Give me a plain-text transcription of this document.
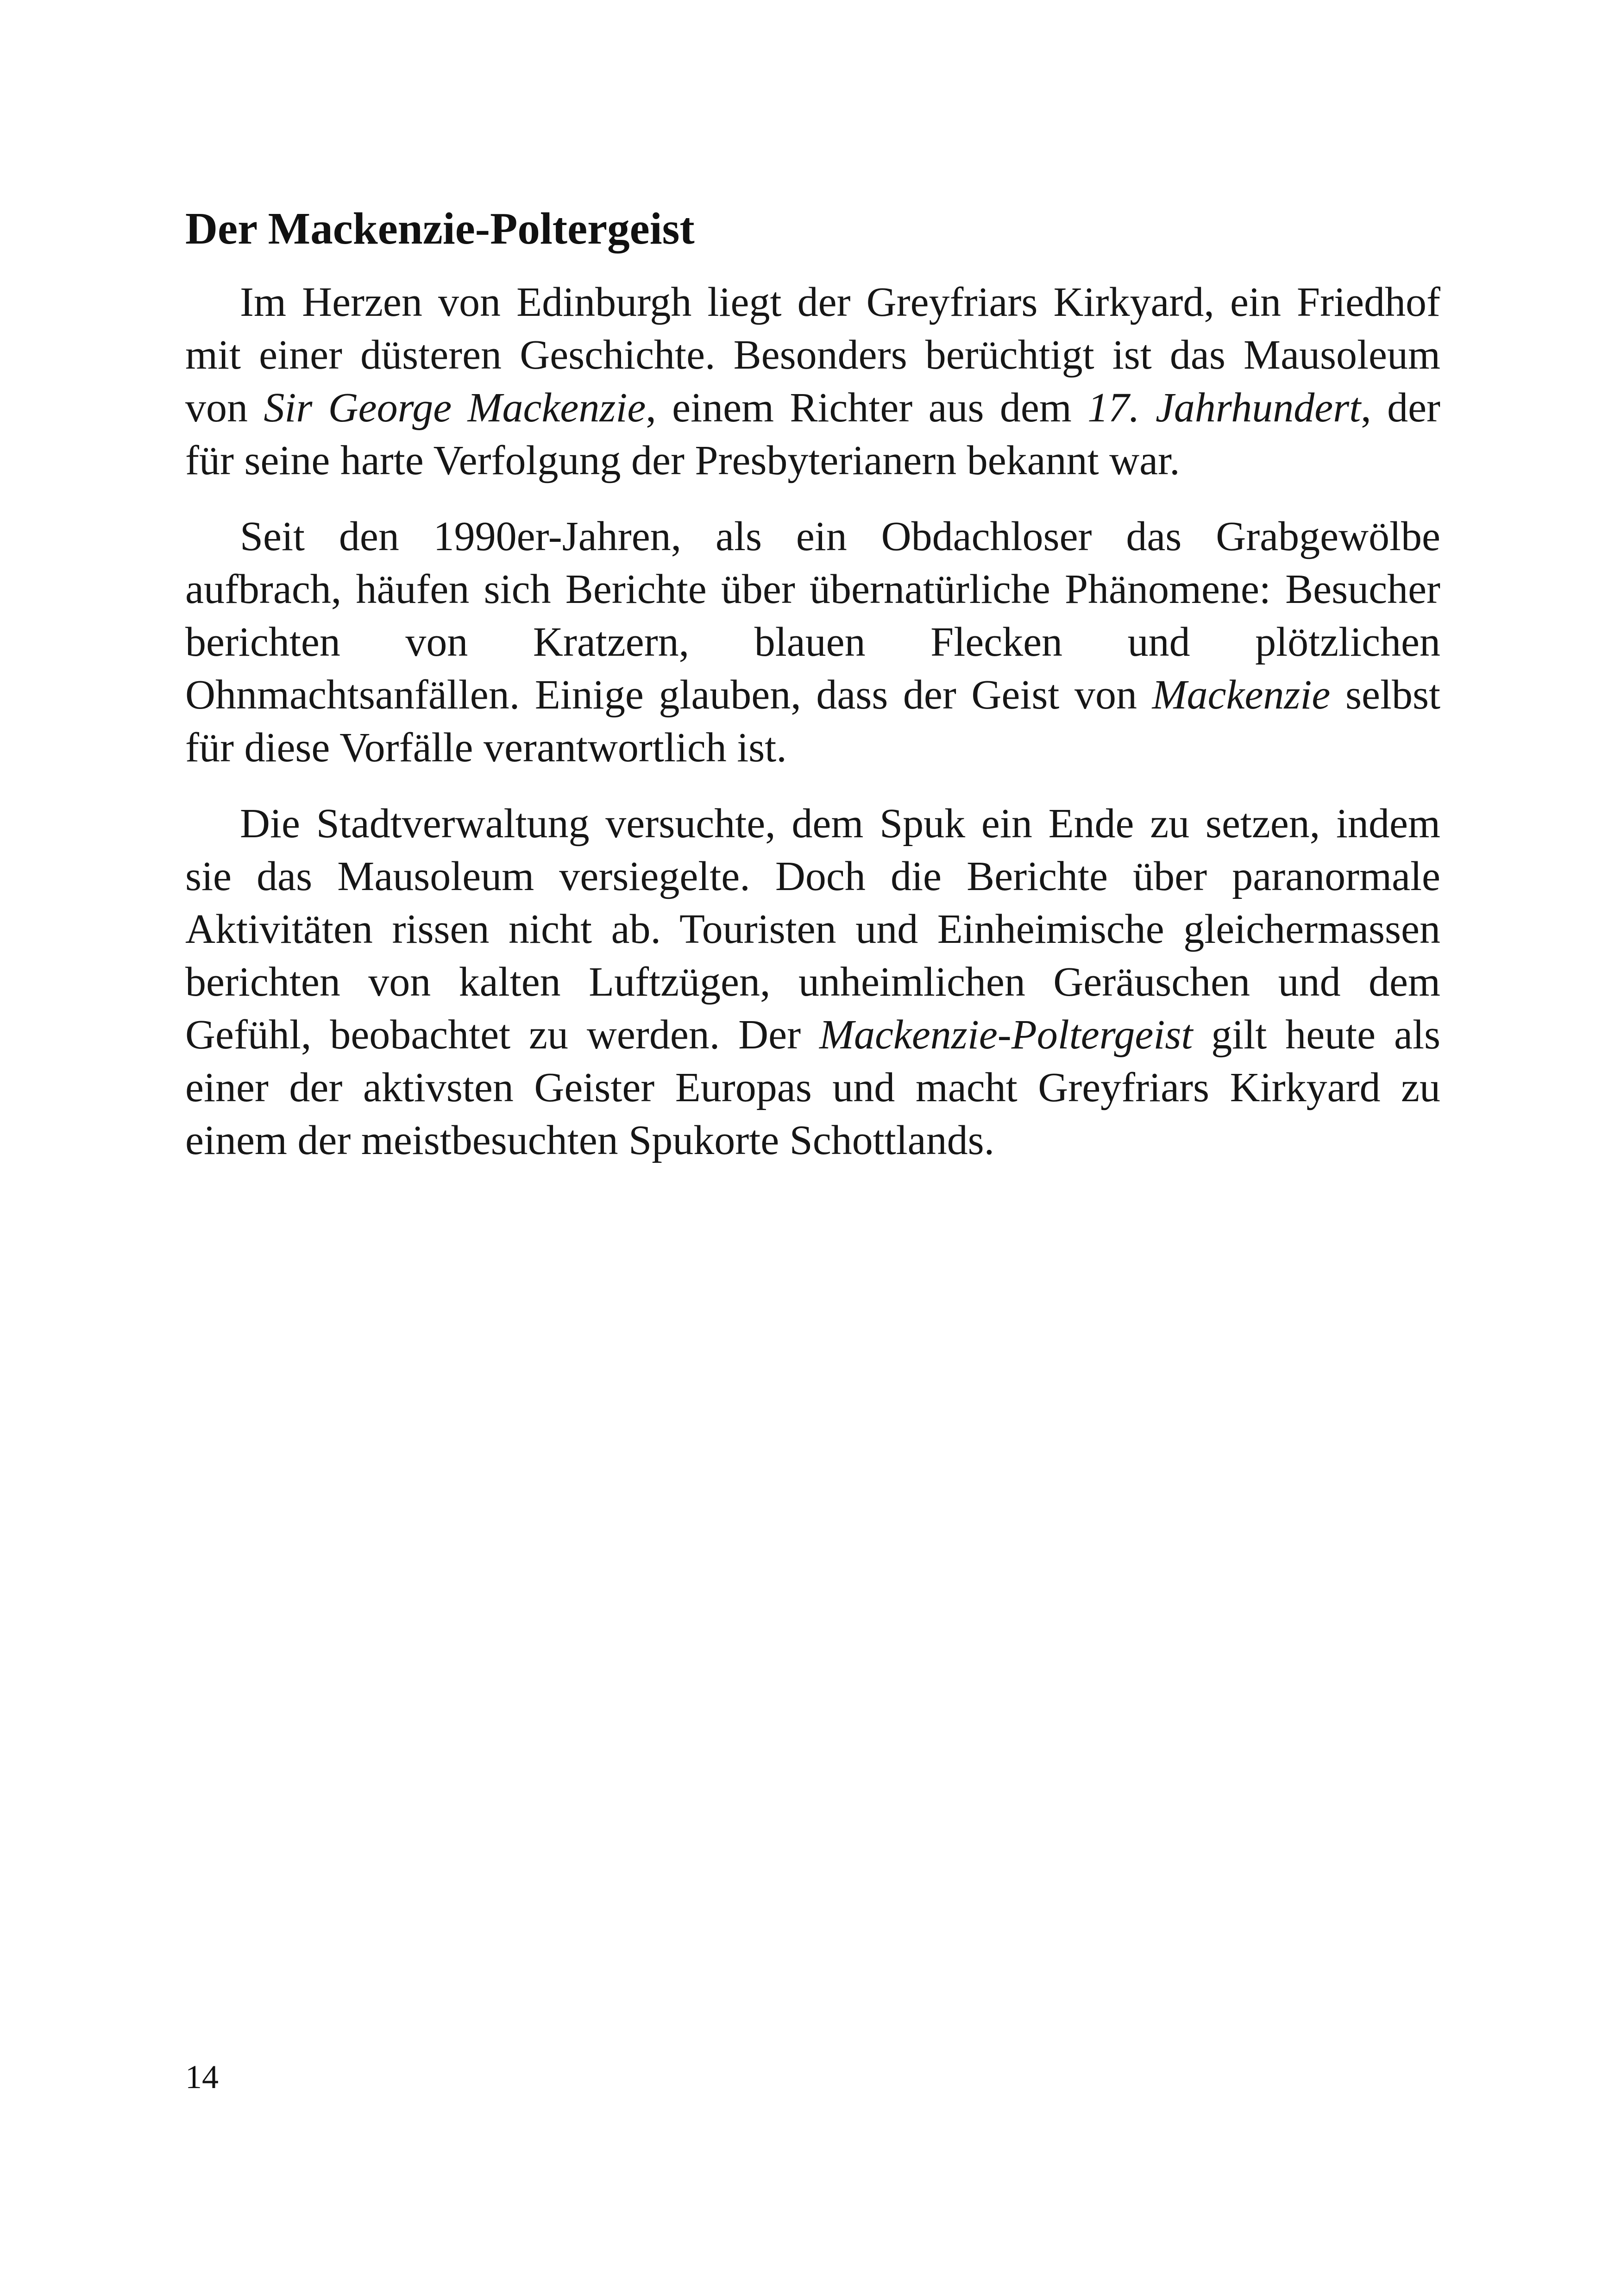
Der Mackenzie-Poltergeist

Im Herzen von Edinburgh liegt der Greyfriars Kirkyard, ein Friedhof mit einer düsteren Geschichte. Besonders berüchtigt ist das Mausoleum von Sir George Mackenzie, einem Richter aus dem 17. Jahrhundert, der für seine harte Verfolgung der Presbyterianern bekannt war.

Seit den 1990er-Jahren, als ein Obdachloser das Grabgewölbe aufbrach, häufen sich Berichte über übernatürliche Phänomene: Besucher berichten von Kratzern, blauen Flecken und plötzlichen Ohnmachtsanfällen. Einige glauben, dass der Geist von Mackenzie selbst für diese Vorfälle verantwortlich ist.

Die Stadtverwaltung versuchte, dem Spuk ein Ende zu setzen, indem sie das Mausoleum versiegelte. Doch die Berichte über paranormale Aktivitäten rissen nicht ab. Touristen und Einheimische gleichermassen berichten von kalten Luftzügen, unheimlichen Geräuschen und dem Gefühl, beobachtet zu werden. Der Mackenzie-Poltergeist gilt heute als einer der aktivsten Geister Europas und macht Greyfriars Kirkyard zu einem der meistbesuchten Spukorte Schottlands.

14
